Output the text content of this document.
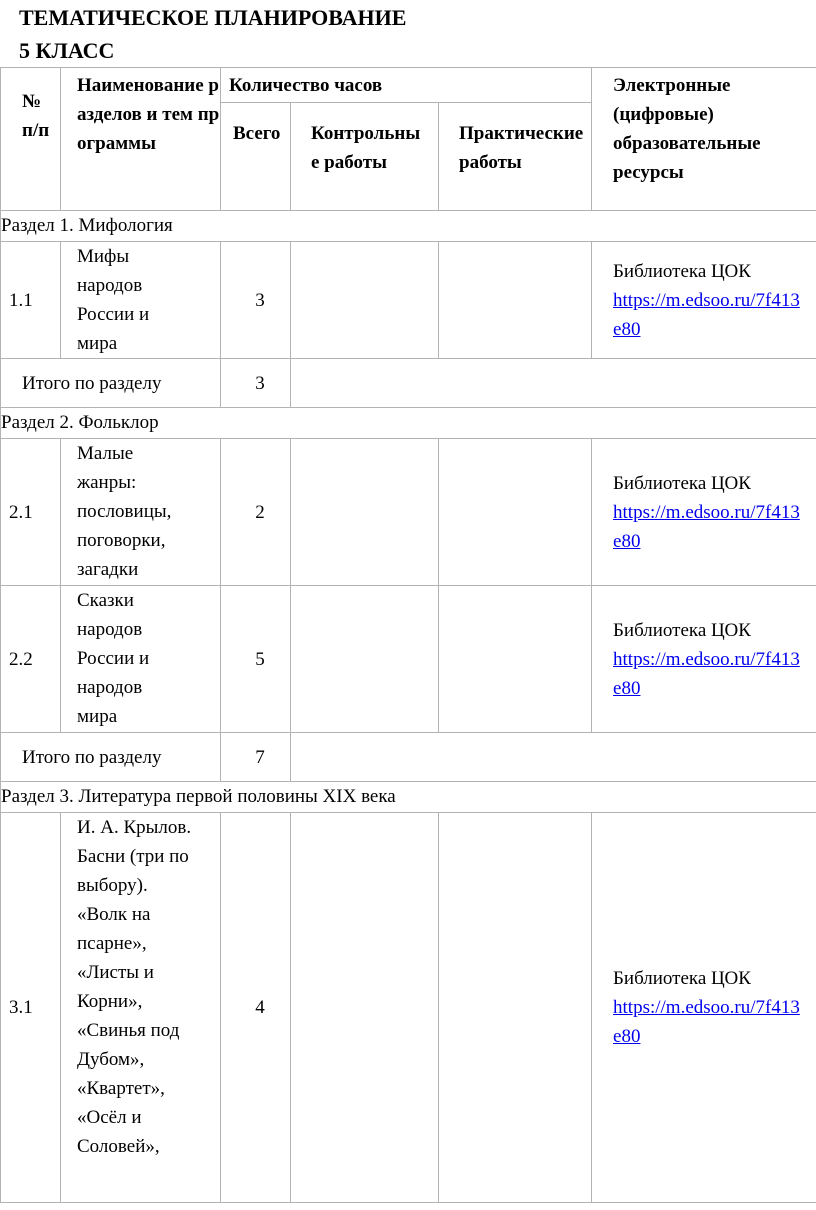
ТЕМАТИЧЕСКОЕ ПЛАНИРОВАНИЕ
5 КЛАСС
№ п/п	Наименование разделов и тем программы	Количество часов			Электронные (цифровые) образовательные ресурсы

		Всего	Контрольные работы	Практические работы	

Раздел 1. Мифология					
1.1	Мифы народов России и мира	3			Библиотека ЦОК
https://m.edsoo.ru/7f413e80

Итого по разделу		3			
Раздел 2. Фольклор					
2.1	Малые жанры: пословицы, поговорки, загадки	2			Библиотека ЦОК
https://m.edsoo.ru/7f413e80

2.2	Сказки народов России и народов мира	5			Библиотека ЦОК
https://m.edsoo.ru/7f413e80

Итого по разделу		7			
Раздел 3. Литература первой половины XIX века					
3.1	И. А. Крылов. Басни (три по выбору). «Волк на псарне», «Листы и Корни», «Свинья под Дубом», «Квартет», «Осёл и Соловей»,	4			Библиотека ЦОК
https://m.edsoo.ru/7f413e80
